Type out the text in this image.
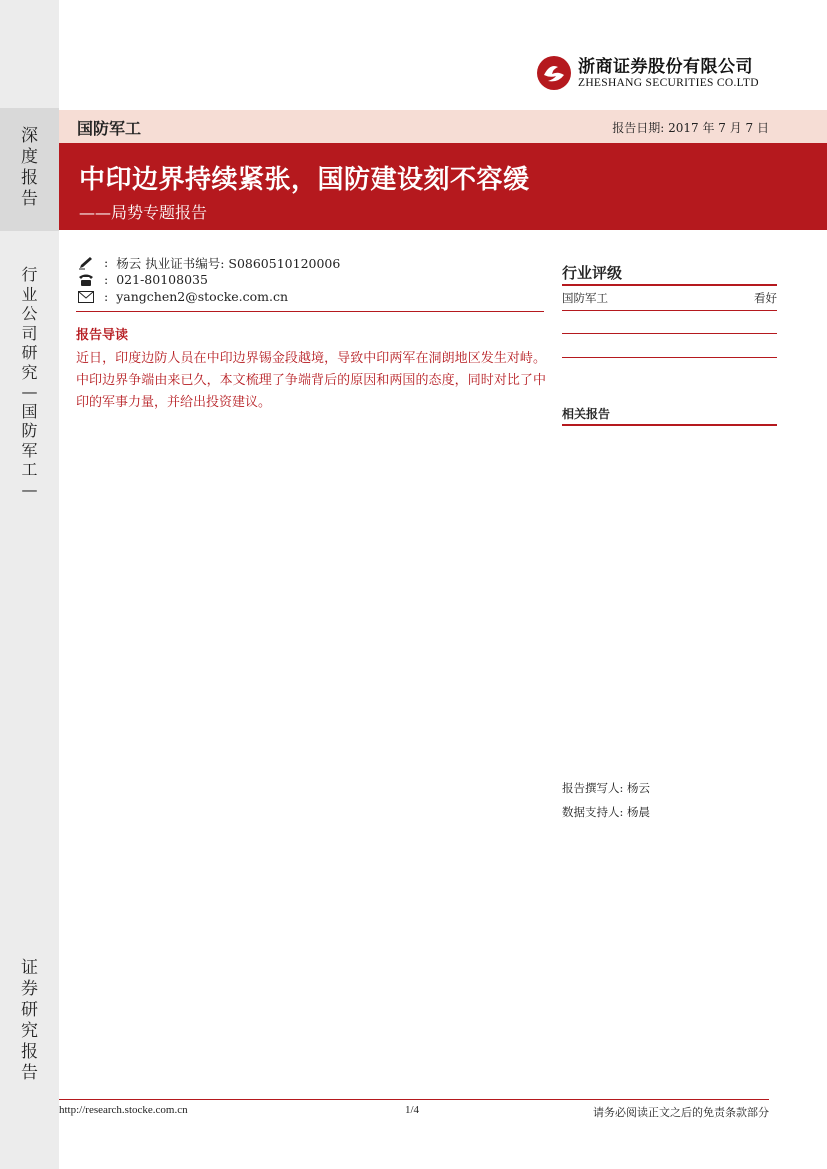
深
度
报
告
行
业
公
司
研
究
—
国
防
军
工
—
证
券
研
究
报
告
浙商证券股份有限公司
ZHESHANG SECURITIES CO.LTD
国防军工	报告日期: 2017 年 7 月 7 日
中印边界持续紧张，国防建设刻不容缓
——局势专题报告
: 杨云 执业证书编号: S0860510120006
: 021-80108035
: yangchen2@stocke.com.cn
报告导读
近日，印度边防人员在中印边界锡金段越境，导致中印两军在洞朗地区发生对峙。中印边界争端由来已久，本文梳理了争端背后的原因和两国的态度，同时对比了中印的军事力量，并给出投资建议。
行业评级
国防军工	看好
相关报告
报告撰写人: 杨云
数据支持人: 杨晨
http://research.stocke.com.cn	1/4	请务必阅读正文之后的免责条款部分
